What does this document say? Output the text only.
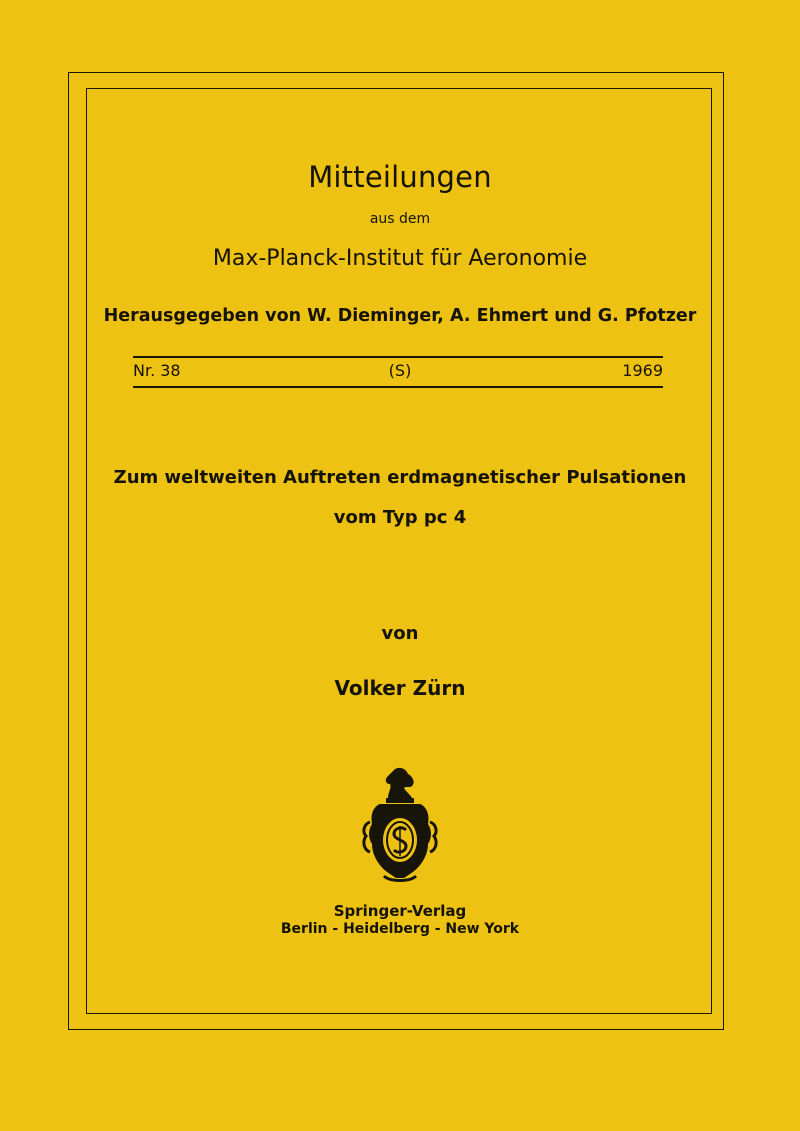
Mitteilungen
aus dem
Max-Planck-Institut für Aeronomie
Herausgegeben von W. Dieminger, A. Ehmert und G. Pfotzer
Nr. 38	(S)	1969
Zum weltweiten Auftreten erdmagnetischer Pulsationen
vom Typ pc 4
von
Volker Zürn
Springer-Verlag
Berlin - Heidelberg - New York
